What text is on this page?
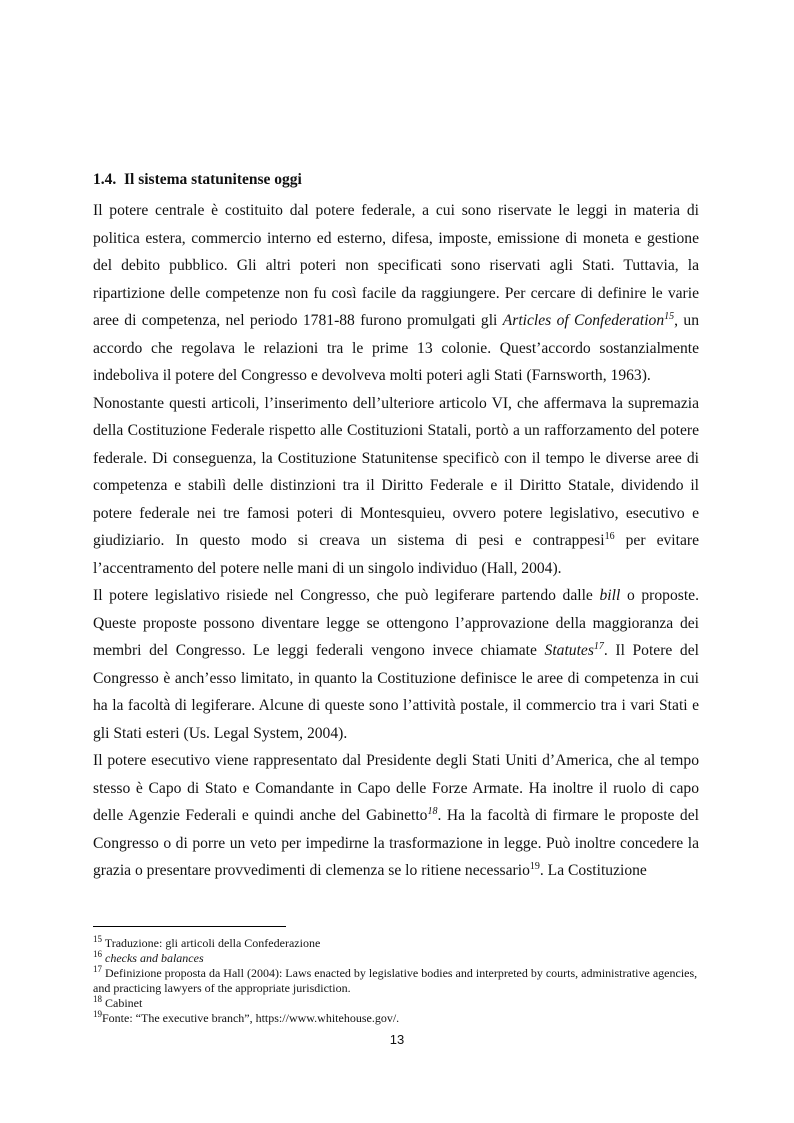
1.4. Il sistema statunitense oggi

Il potere centrale è costituito dal potere federale, a cui sono riservate le leggi in materia di politica estera, commercio interno ed esterno, difesa, imposte, emissione di moneta e gestione del debito pubblico. Gli altri poteri non specificati sono riservati agli Stati. Tuttavia, la ripartizione delle competenze non fu così facile da raggiungere. Per cercare di definire le varie aree di competenza, nel periodo 1781-88 furono promulgati gli Articles of Confederation$^{15}$, un accordo che regolava le relazioni tra le prime 13 colonie. Quest’accordo sostanzialmente indeboliva il potere del Congresso e devolveva molti poteri agli Stati (Farnsworth, 1963).

Nonostante questi articoli, l’inserimento dell’ulteriore articolo VI, che affermava la supremazia della Costituzione Federale rispetto alle Costituzioni Statali, portò a un rafforzamento del potere federale. Di conseguenza, la Costituzione Statunitense specificò con il tempo le diverse aree di competenza e stabilì delle distinzioni tra il Diritto Federale e il Diritto Statale, dividendo il potere federale nei tre famosi poteri di Montesquieu, ovvero potere legislativo, esecutivo e giudiziario. In questo modo si creava un sistema di pesi e contrappesi$^{16}$ per evitare l’accentramento del potere nelle mani di un singolo individuo (Hall, 2004).

Il potere legislativo risiede nel Congresso, che può legiferare partendo dalle bill o proposte. Queste proposte possono diventare legge se ottengono l’approvazione della maggioranza dei membri del Congresso. Le leggi federali vengono invece chiamate Statutes$^{17}$. Il Potere del Congresso è anch’esso limitato, in quanto la Costituzione definisce le aree di competenza in cui ha la facoltà di legiferare. Alcune di queste sono l’attività postale, il commercio tra i vari Stati e gli Stati esteri (Us. Legal System, 2004).

Il potere esecutivo viene rappresentato dal Presidente degli Stati Uniti d’America, che al tempo stesso è Capo di Stato e Comandante in Capo delle Forze Armate. Ha inoltre il ruolo di capo delle Agenzie Federali e quindi anche del Gabinetto$^{18}$. Ha la facoltà di firmare le proposte del Congresso o di porre un veto per impedirne la trasformazione in legge. Può inoltre concedere la grazia o presentare provvedimenti di clemenza se lo ritiene necessario$^{19}$. La Costituzione

$^{15}$ Traduzione: gli articoli della Confederazione
$^{16}$ checks and balances
$^{17}$ Definizione proposta da Hall (2004): Laws enacted by legislative bodies and interpreted by courts, administrative agencies, and practicing lawyers of the appropriate jurisdiction.
$^{18}$ Cabinet
$^{19}$Fonte: “The executive branch”, https://www.whitehouse.gov/.
13
